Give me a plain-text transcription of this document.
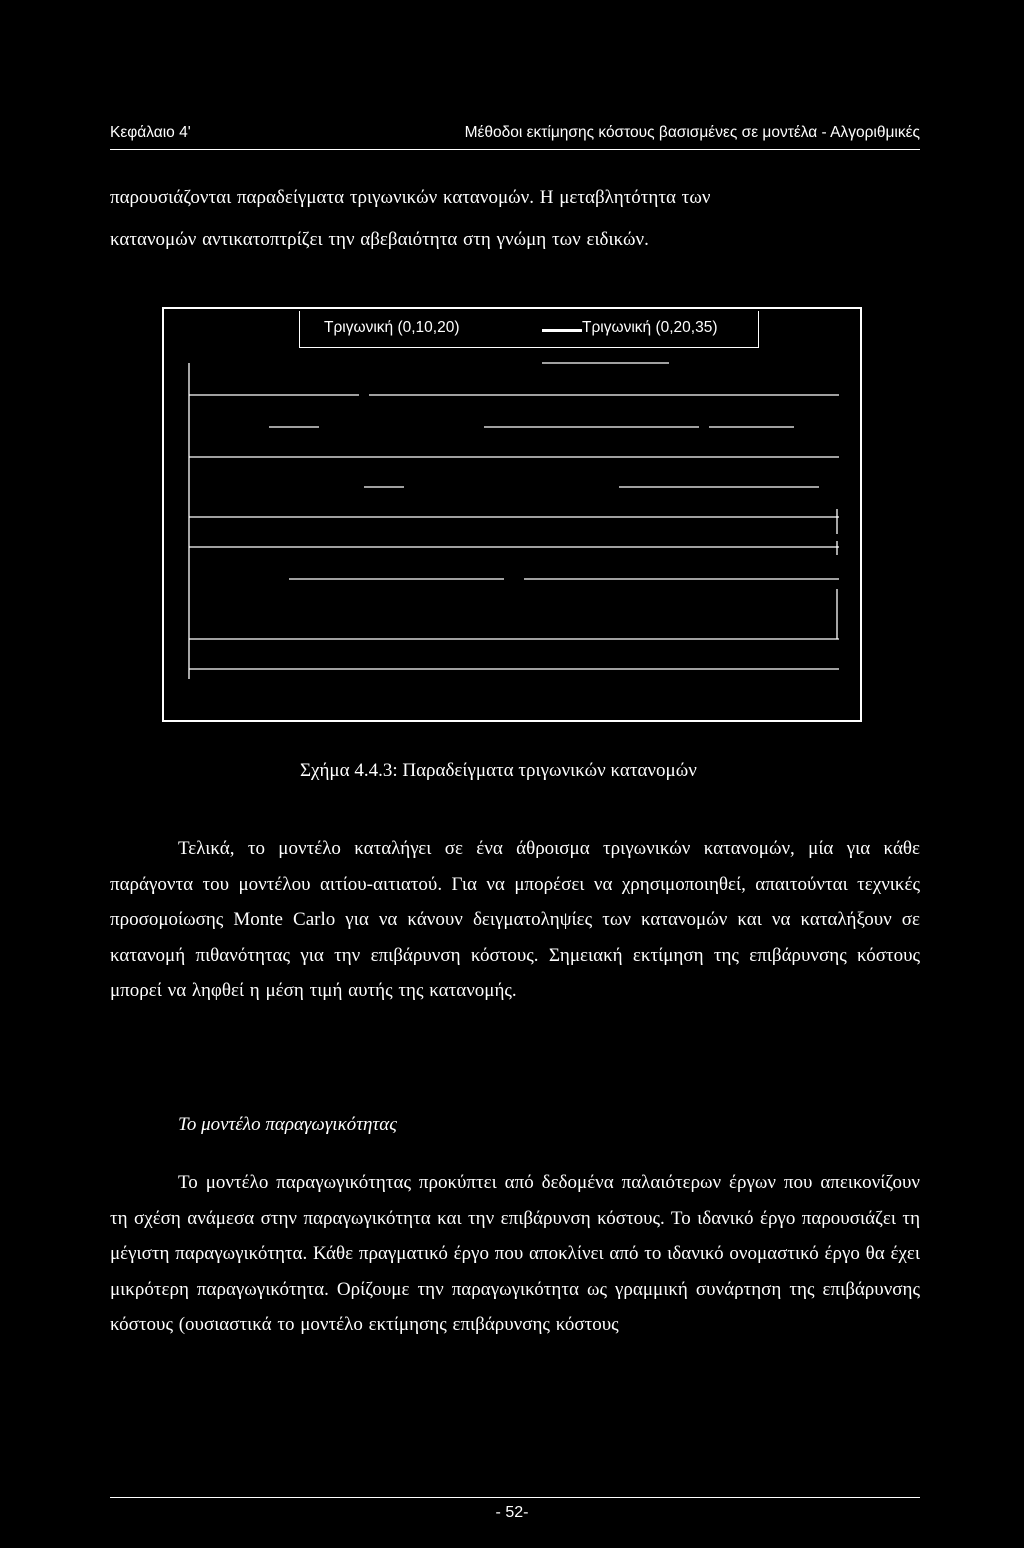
Κεφάλαιο 4'	Μέθοδοι εκτίμησης κόστους βασισμένες σε μοντέλα - Αλγοριθμικές
παρουσιάζονται παραδείγματα τριγωνικών κατανομών. Η μεταβλητότητα των
κατανομών αντικατοπτρίζει την αβεβαιότητα στη γνώμη των ειδικών.
Τριγωνική (0,10,20)	Τριγωνική (0,20,35)
Σχήμα 4.4.3: Παραδείγματα τριγωνικών κατανομών
Τελικά, το μοντέλο καταλήγει σε ένα άθροισμα τριγωνικών κατανομών, μία για κάθε παράγοντα του μοντέλου αιτίου-αιτιατού. Για να μπορέσει να χρησιμοποιηθεί, απαιτούνται τεχνικές προσομοίωσης Monte Carlo για να κάνουν δειγματοληψίες των κατανομών και να καταλήξουν σε κατανομή πιθανότητας για την επιβάρυνση κόστους. Σημειακή εκτίμηση της επιβάρυνσης κόστους μπορεί να ληφθεί η μέση τιμή αυτής της κατανομής.
Το μοντέλο παραγωγικότητας
Το μοντέλο παραγωγικότητας προκύπτει από δεδομένα παλαιότερων έργων που απεικονίζουν τη σχέση ανάμεσα στην παραγωγικότητα και την επιβάρυνση κόστους. Το ιδανικό έργο παρουσιάζει τη μέγιστη παραγωγικότητα. Κάθε πραγματικό έργο που αποκλίνει από το ιδανικό ονομαστικό έργο θα έχει μικρότερη παραγωγικότητα. Ορίζουμε την παραγωγικότητα ως γραμμική συνάρτηση της επιβάρυνσης κόστους (ουσιαστικά το μοντέλο εκτίμησης επιβάρυνσης κόστους
- 52-
